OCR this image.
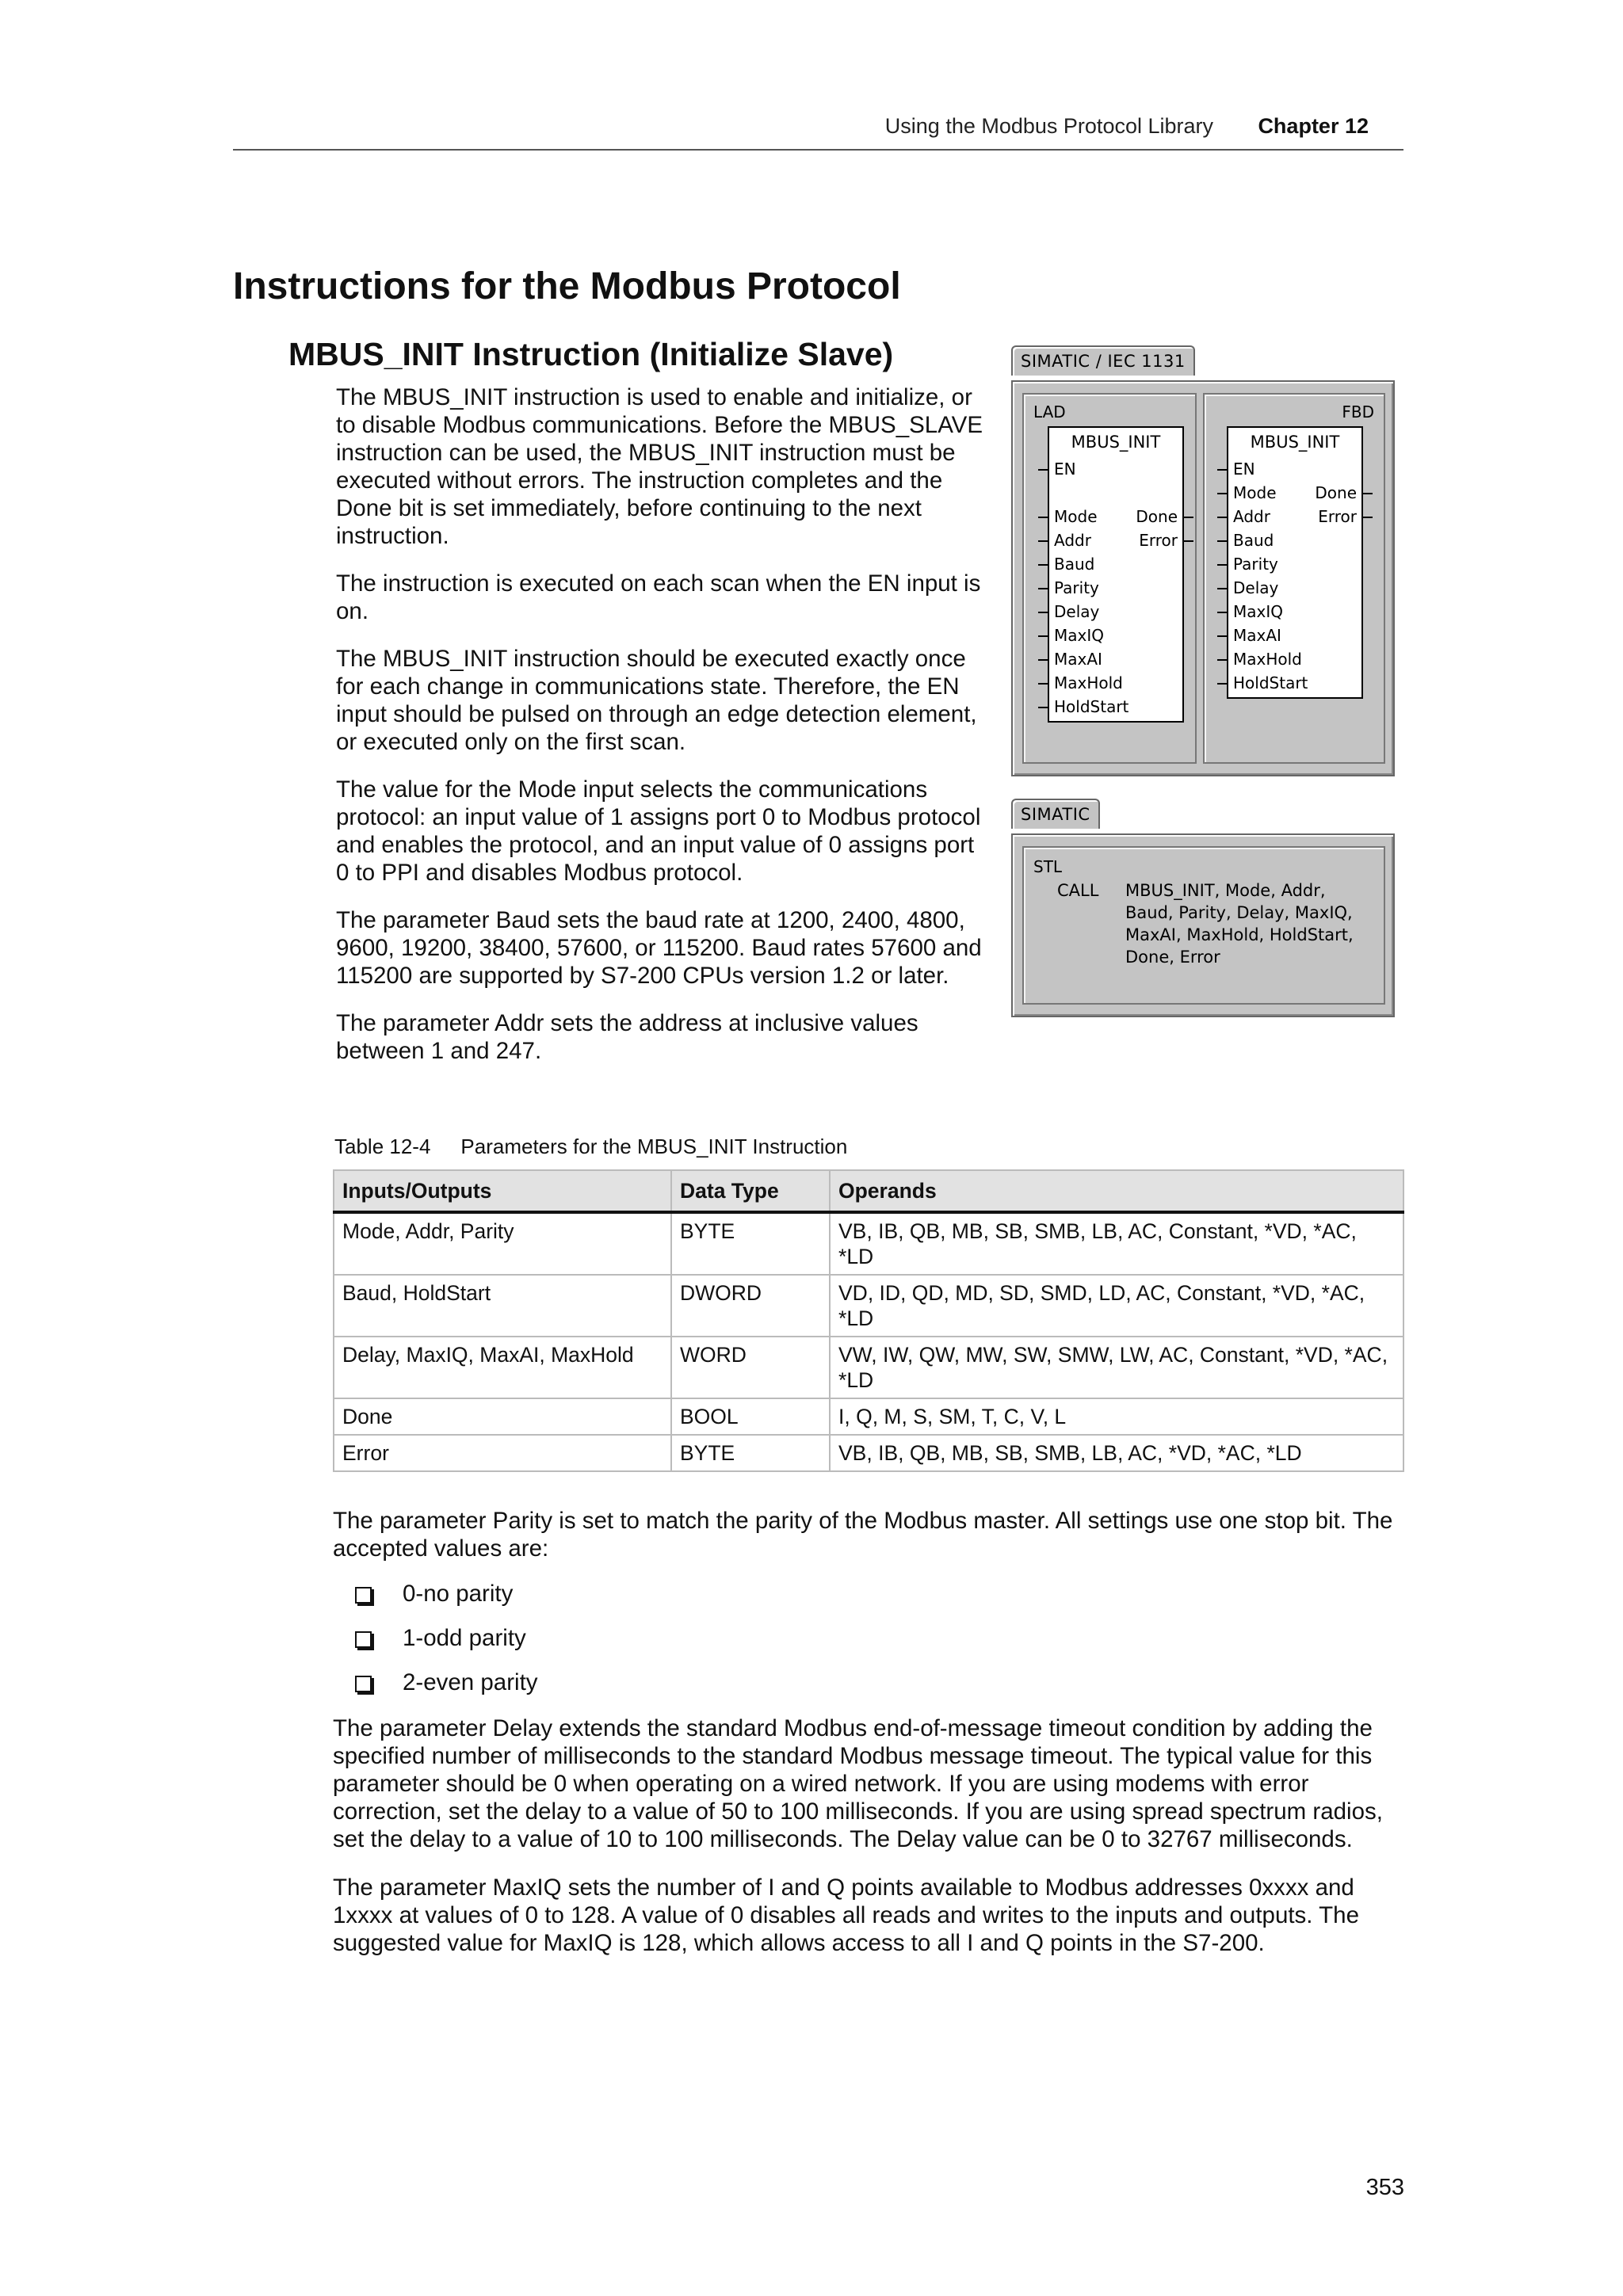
Using the Modbus Protocol Library Chapter 12
Instructions for the Modbus Protocol
MBUS_INIT Instruction (Initialize Slave)

The MBUS_INIT instruction is used to enable and initialize, or to disable Modbus communications. Before the MBUS_SLAVE instruction can be used, the MBUS_INIT instruction must be executed without errors. The instruction completes and the Done bit is set immediately, before continuing to the next instruction.

The instruction is executed on each scan when the EN input is on.

The MBUS_INIT instruction should be executed exactly once for each change in communications state. Therefore, the EN input should be pulsed on through an edge detection element, or executed only on the first scan.

The value for the Mode input selects the communications protocol: an input value of 1 assigns port 0 to Modbus protocol and enables the protocol, and an input value of 0 assigns port 0 to PPI and disables Modbus protocol.

The parameter Baud sets the baud rate at 1200, 2400, 4800, 9600, 19200, 38400, 57600, or 115200. Baud rates 57600 and 115200 are supported by S7-200 CPUs version 1.2 or later.

The parameter Addr sets the address at inclusive values between 1 and 247.

SIMATIC / IEC 1131
LAD
MBUS_INIT
EN
Mode
Addr
Baud
Parity
Delay
MaxIQ
MaxAI
MaxHold
HoldStart
Done
Error
FBD
MBUS_INIT
EN
Mode
Addr
Baud
Parity
Delay
MaxIQ
MaxAI
MaxHold
HoldStart
Done
Error
SIMATIC
STL
CALL MBUS_INIT, Mode, Addr,
Baud, Parity, Delay, MaxIQ,
MaxAI, MaxHold, HoldStart,
Done, Error
Table 12-4 Parameters for the MBUS_INIT Instruction
Inputs/Outputs	Data Type	Operands
Mode, Addr, Parity	BYTE	VB, IB, QB, MB, SB, SMB, LB, AC, Constant, *VD, *AC, *LD
Baud, HoldStart	DWORD	VD, ID, QD, MD, SD, SMD, LD, AC, Constant, *VD, *AC, *LD
Delay, MaxIQ, MaxAI, MaxHold	WORD	VW, IW, QW, MW, SW, SMW, LW, AC, Constant, *VD, *AC, *LD
Done	BOOL	I, Q, M, S, SM, T, C, V, L
Error	BYTE	VB, IB, QB, MB, SB, SMB, LB, AC, *VD, *AC, *LD

The parameter Parity is set to match the parity of the Modbus master. All settings use one stop bit. The accepted values are:

0-no parity
1-odd parity
2-even parity

The parameter Delay extends the standard Modbus end-of-message timeout condition by adding the specified number of milliseconds to the standard Modbus message timeout. The typical value for this parameter should be 0 when operating on a wired network. If you are using modems with error correction, set the delay to a value of 50 to 100 milliseconds. If you are using spread spectrum radios, set the delay to a value of 10 to 100 milliseconds. The Delay value can be 0 to 32767 milliseconds.

The parameter MaxIQ sets the number of I and Q points available to Modbus addresses 0xxxx and 1xxxx at values of 0 to 128. A value of 0 disables all reads and writes to the inputs and outputs. The suggested value for MaxIQ is 128, which allows access to all I and Q points in the S7-200.

353
